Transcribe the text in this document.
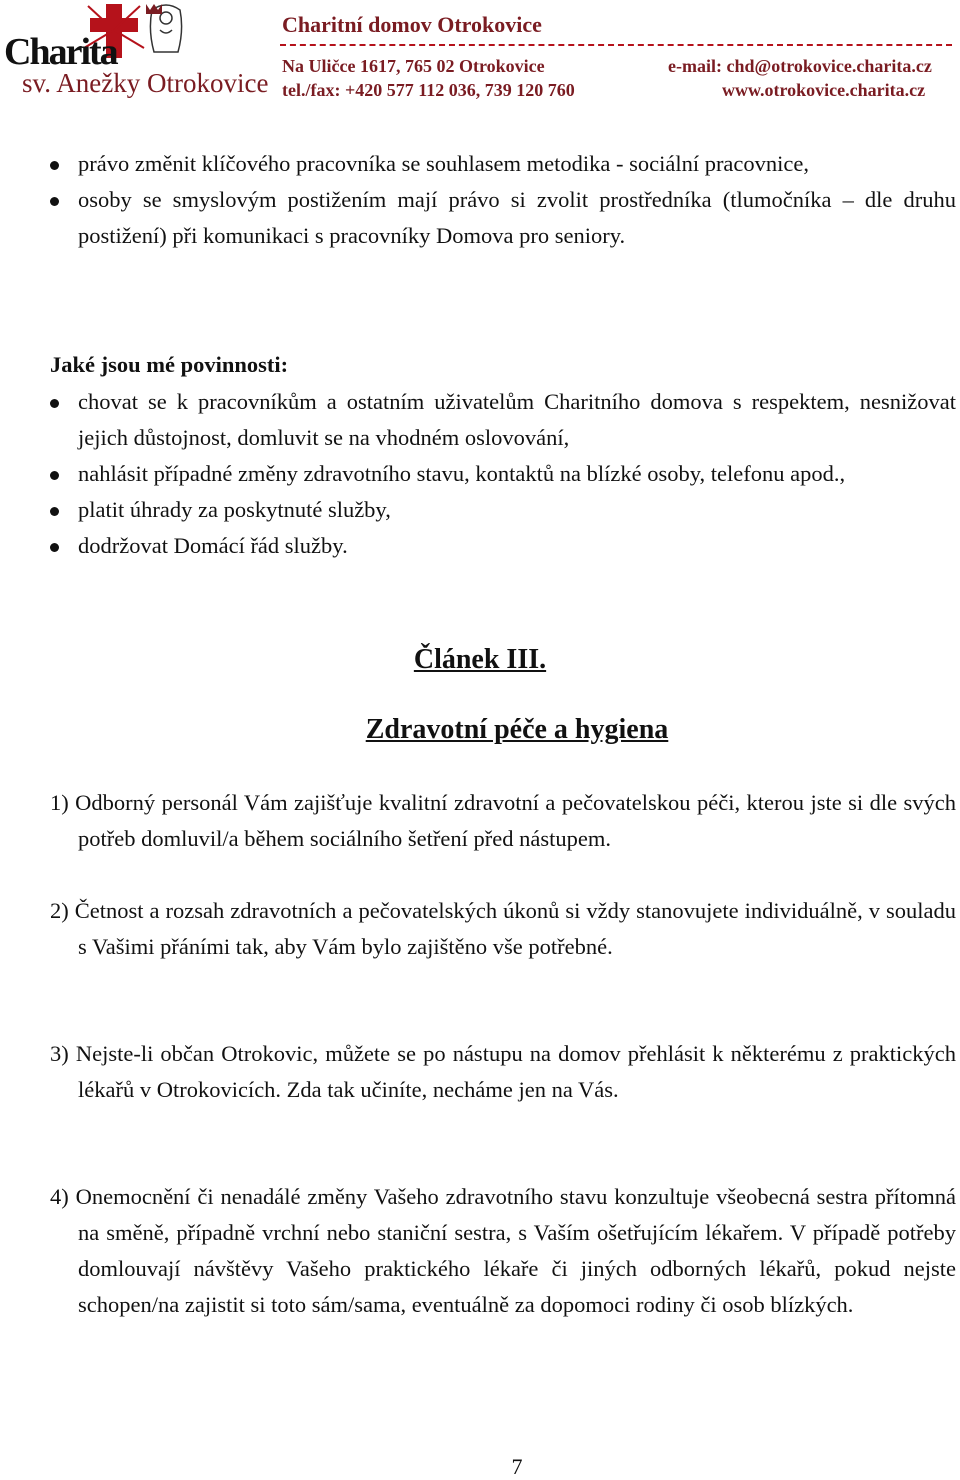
Charita
sv. Anežky Otrokovice
Charitní domov Otrokovice
Na Uličce 1617, 765 02 Otrokovice
tel./fax: +420 577 112 036, 739 120 760
e-mail: chd@otrokovice.charita.cz
www.otrokovice.charita.cz
právo změnit klíčového pracovníka se souhlasem metodika - sociální pracovnice,
osoby se smyslovým postižením mají právo si zvolit prostředníka (tlumočníka – dle druhu postižení) při komunikaci s pracovníky Domova pro seniory.
Jaké jsou mé povinnosti:
chovat se k pracovníkům a ostatním uživatelům Charitního domova s respektem, nesnižovat jejich důstojnost, domluvit se na vhodném oslovování,
nahlásit případné změny zdravotního stavu, kontaktů na blízké osoby, telefonu apod.,
platit úhrady za poskytnuté služby,
dodržovat Domácí řád služby.
Článek III.
Zdravotní péče a hygiena

1) Odborný personál Vám zajišťuje kvalitní zdravotní a pečovatelskou péči, kterou jste si dle svých potřeb domluvil/a během sociálního šetření před nástupem.

2) Četnost a rozsah zdravotních a pečovatelských úkonů si vždy stanovujete individuálně, v souladu s Vašimi přáními tak, aby Vám bylo zajištěno vše potřebné.

3) Nejste-li občan Otrokovic, můžete se po nástupu na domov přehlásit k některému z praktických lékařů v Otrokovicích. Zda tak učiníte, necháme jen na Vás.

4) Onemocnění či nenadálé změny Vašeho zdravotního stavu konzultuje všeobecná sestra přítomná na směně, případně vrchní nebo staniční sestra, s Vaším ošetřujícím lékařem. V případě potřeby domlouvají návštěvy Vašeho praktického lékaře či jiných odborných lékařů, pokud nejste schopen/na zajistit si toto sám/sama, eventuálně za dopomoci rodiny či osob blízkých.

7
